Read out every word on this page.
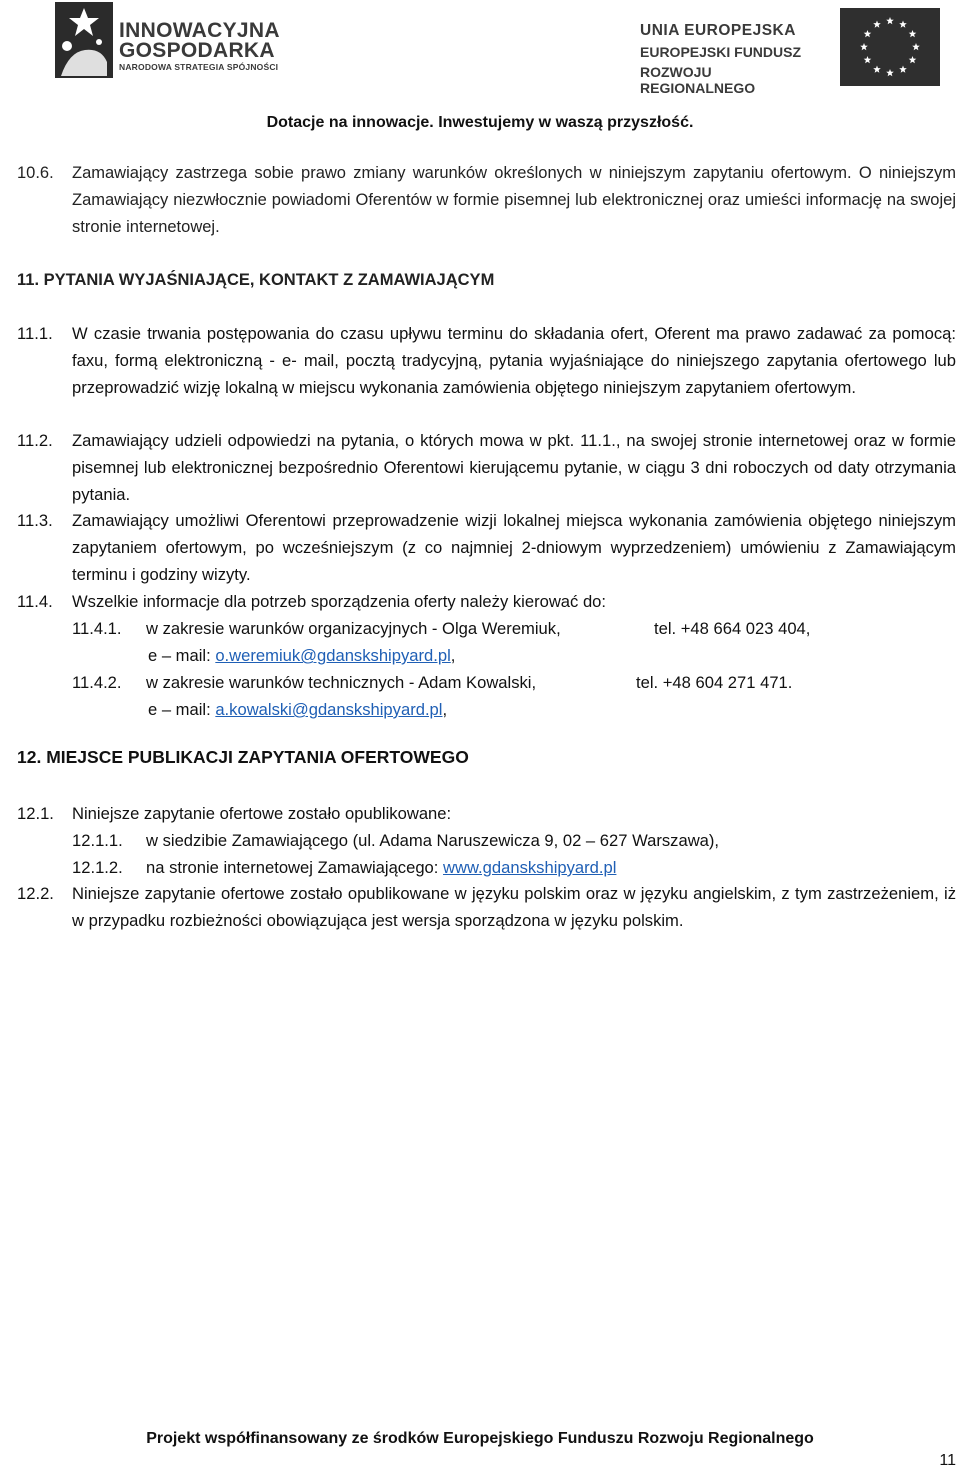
INNOWACYJNA
GOSPODARKA
NARODOWA STRATEGIA SPÓJNOŚCI
UNIA EUROPEJSKA
EUROPEJSKI FUNDUSZ
ROZWOJU REGIONALNEGO
Dotacje na innowacje. Inwestujemy w waszą przyszłość.
10.6. Zamawiający zastrzega sobie prawo zmiany warunków określonych w niniejszym zapytaniu ofertowym. O niniejszym Zamawiający niezwłocznie powiadomi Oferentów w formie pisemnej lub elektronicznej oraz umieści informację na swojej stronie internetowej.
11. PYTANIA WYJAŚNIAJĄCE, KONTAKT Z ZAMAWIAJĄCYM
11.1. W czasie trwania postępowania do czasu upływu terminu do składania ofert, Oferent ma prawo zadawać za pomocą: faxu, formą elektroniczną - e- mail, pocztą tradycyjną, pytania wyjaśniające do niniejszego zapytania ofertowego lub przeprowadzić wizję lokalną w miejscu wykonania zamówienia objętego niniejszym zapytaniem ofertowym.
11.2. Zamawiający udzieli odpowiedzi na pytania, o których mowa w pkt. 11.1., na swojej stronie internetowej oraz w formie pisemnej lub elektronicznej bezpośrednio Oferentowi kierującemu pytanie, w ciągu 3 dni roboczych od daty otrzymania pytania.
11.3. Zamawiający umożliwi Oferentowi przeprowadzenie wizji lokalnej miejsca wykonania zamówienia objętego niniejszym zapytaniem ofertowym, po wcześniejszym (z co najmniej 2-dniowym wyprzedzeniem) umówieniu z Zamawiającym terminu i godziny wizyty.
11.4. Wszelkie informacje dla potrzeb sporządzenia oferty należy kierować do:
11.4.1. w zakresie warunków organizacyjnych - Olga Weremiuk,	tel. +48 664 023 404,
e – mail: o.weremiuk@gdanskshipyard.pl,
11.4.2. w zakresie warunków technicznych - Adam Kowalski,	tel. +48 604 271 471.
e – mail: a.kowalski@gdanskshipyard.pl,
12. MIEJSCE PUBLIKACJI ZAPYTANIA OFERTOWEGO
12.1. Niniejsze zapytanie ofertowe zostało opublikowane:
12.1.1. w siedzibie Zamawiającego (ul. Adama Naruszewicza 9, 02 – 627 Warszawa),
12.1.2. na stronie internetowej Zamawiającego: www.gdanskshipyard.pl
12.2. Niniejsze zapytanie ofertowe zostało opublikowane w języku polskim oraz w języku angielskim, z tym zastrzeżeniem, iż w przypadku rozbieżności obowiązująca jest wersja sporządzona w języku polskim.
Projekt współfinansowany ze środków Europejskiego Funduszu Rozwoju Regionalnego
11
